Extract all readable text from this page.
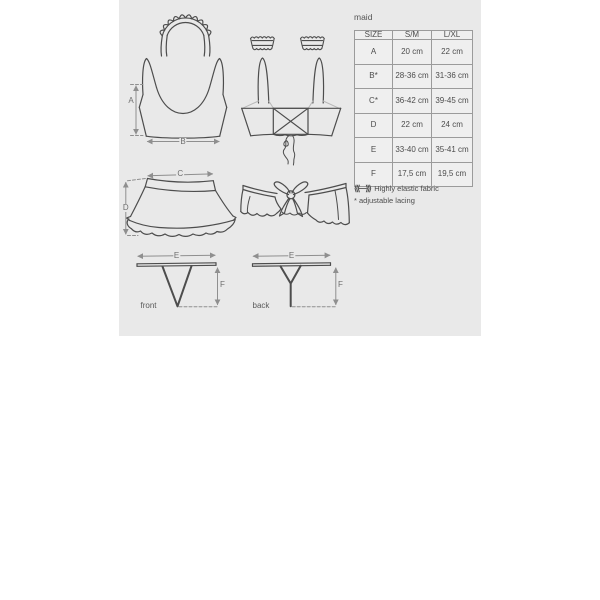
A
B
C
D
E
F
E
F
front	back
maid
SIZE	S/M	L/XL
A	20 cm	22 cm
B*	28-36 cm	31-36 cm
C*	36-42 cm	39-45 cm
D	22 cm	24 cm
E	33-40 cm	35-41 cm
F	17,5 cm	19,5 cm
⟨⟨⟨―⟩⟩⟩ Highly elastic fabric
* adjustable lacing
